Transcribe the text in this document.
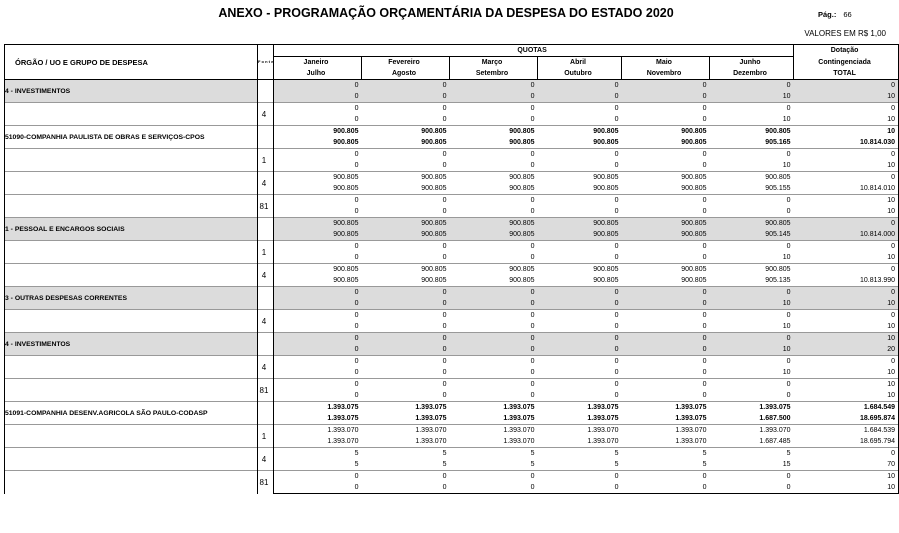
ANEXO - PROGRAMAÇÃO ORÇAMENTÁRIA DA DESPESA DO ESTADO 2020	Pág.: 66
VALORES EM R$ 1,00
ÓRGÃO / UO E GRUPO DE DESPESA	F o n t e	QUOTAS						Dotação
		Janeiro	Fevereiro	Março	Abril	Maio	Junho	Contingenciada
		Julho	Agosto	Setembro	Outubro	Novembro	Dezembro	TOTAL
4 - INVESTIMENTOS		0	0	0	0	0	0	0
		0	0	0	0	0	10	10
	4	0	0	0	0	0	0	0
		0	0	0	0	0	10	10
51090-COMPANHIA PAULISTA DE OBRAS E SERVIÇOS-CPOS		900.805	900.805	900.805	900.805	900.805	900.805	10
		900.805	900.805	900.805	900.805	900.805	905.165	10.814.030
	1	0	0	0	0	0	0	0
		0	0	0	0	0	10	10
	4	900.805	900.805	900.805	900.805	900.805	900.805	0
		900.805	900.805	900.805	900.805	900.805	905.155	10.814.010
	81	0	0	0	0	0	0	10
		0	0	0	0	0	0	10
1 - PESSOAL E ENCARGOS SOCIAIS		900.805	900.805	900.805	900.805	900.805	900.805	0
		900.805	900.805	900.805	900.805	900.805	905.145	10.814.000
	1	0	0	0	0	0	0	0
		0	0	0	0	0	10	10
	4	900.805	900.805	900.805	900.805	900.805	900.805	0
		900.805	900.805	900.805	900.805	900.805	905.135	10.813.990
3 - OUTRAS DESPESAS CORRENTES		0	0	0	0	0	0	0
		0	0	0	0	0	10	10
	4	0	0	0	0	0	0	0
		0	0	0	0	0	10	10
4 - INVESTIMENTOS		0	0	0	0	0	0	10
		0	0	0	0	0	10	20
	4	0	0	0	0	0	0	0
		0	0	0	0	0	10	10
	81	0	0	0	0	0	0	10
		0	0	0	0	0	0	10
51091-COMPANHIA DESENV.AGRICOLA SÃO PAULO-CODASP		1.393.075	1.393.075	1.393.075	1.393.075	1.393.075	1.393.075	1.684.549
		1.393.075	1.393.075	1.393.075	1.393.075	1.393.075	1.687.500	18.695.874
	1	1.393.070	1.393.070	1.393.070	1.393.070	1.393.070	1.393.070	1.684.539
		1.393.070	1.393.070	1.393.070	1.393.070	1.393.070	1.687.485	18.695.794
	4	5	5	5	5	5	5	0
		5	5	5	5	5	15	70
	81	0	0	0	0	0	0	10
		0	0	0	0	0	0	10
